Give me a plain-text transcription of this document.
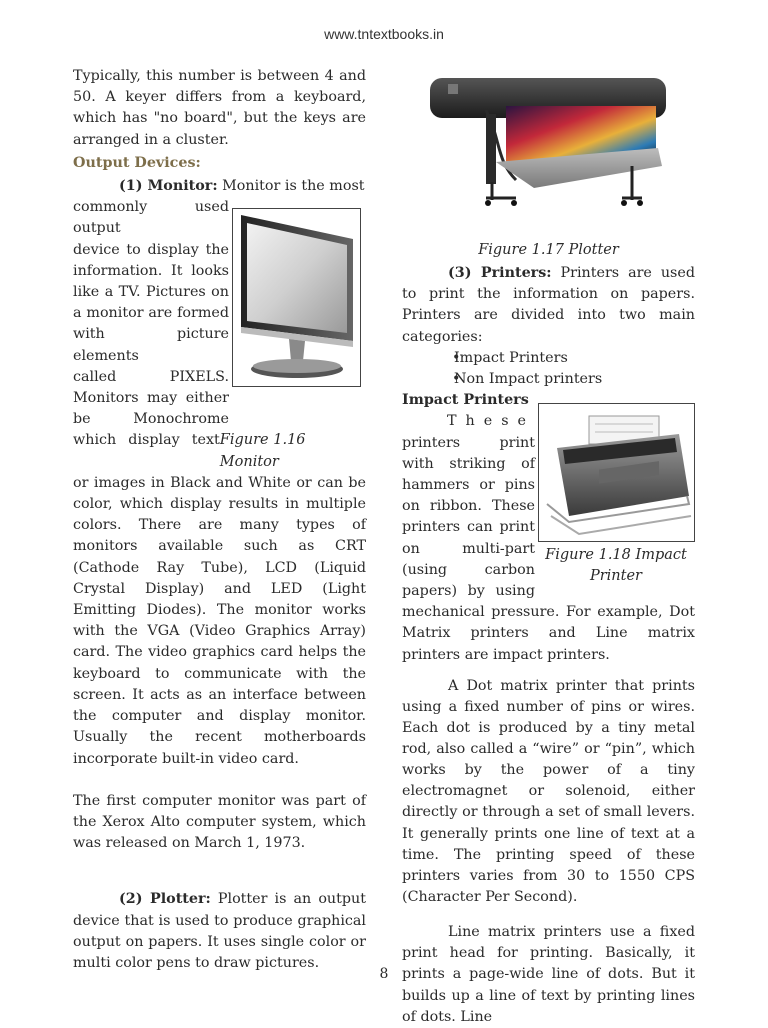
www.tntextbooks.in

Typically, this number is between 4 and 50. A keyer differs from a keyboard, which has "no board", but the keys are arranged in a cluster.

Output Devices:

(1) Monitor: Monitor is the most

commonly used output
device to display the
information. It looks
like a TV. Pictures on
a monitor are formed
with picture elements
called PIXELS.
Monitors may either
be Monochrome
which display text Figure 1.16 Monitor

or images in Black and White or can be color, which display results in multiple colors. There are many types of monitors available such as CRT (Cathode Ray Tube), LCD (Liquid Crystal Display) and LED (Light Emitting Diodes). The monitor works with the VGA (Video Graphics Array) card. The video graphics card helps the keyboard to communicate with the screen. It acts as an interface between the computer and display monitor. Usually the recent motherboards incorporate built-in video card.

The first computer monitor was part of the Xerox Alto computer system, which was released on March 1, 1973.

(2) Plotter: Plotter is an output device that is used to produce graphical output on papers. It uses single color or multi color pens to draw pictures.

Figure 1.17 Plotter

(3) Printers: Printers are used to print the information on papers. Printers are divided into two main categories:

• Impact Printers
• Non Impact printers

Impact Printers

These
printers print
with striking of
hammers or pins
on ribbon. These
printers can print
on multi-part
(using carbon
papers) by using

mechanical pressure. For example, Dot Matrix printers and Line matrix printers are impact printers.

A Dot matrix printer that prints using a fixed number of pins or wires. Each dot is produced by a tiny metal rod, also called a “wire” or “pin”, which works by the power of a tiny electromagnet or solenoid, either directly or through a set of small levers. It generally prints one line of text at a time. The printing speed of these printers varies from 30 to 1550 CPS (Character Per Second).

Line matrix printers use a fixed print head for printing. Basically, it prints a page-wide line of dots. But it builds up a line of text by printing lines of dots. Line

Figure 1.18 Impact Printer
8
